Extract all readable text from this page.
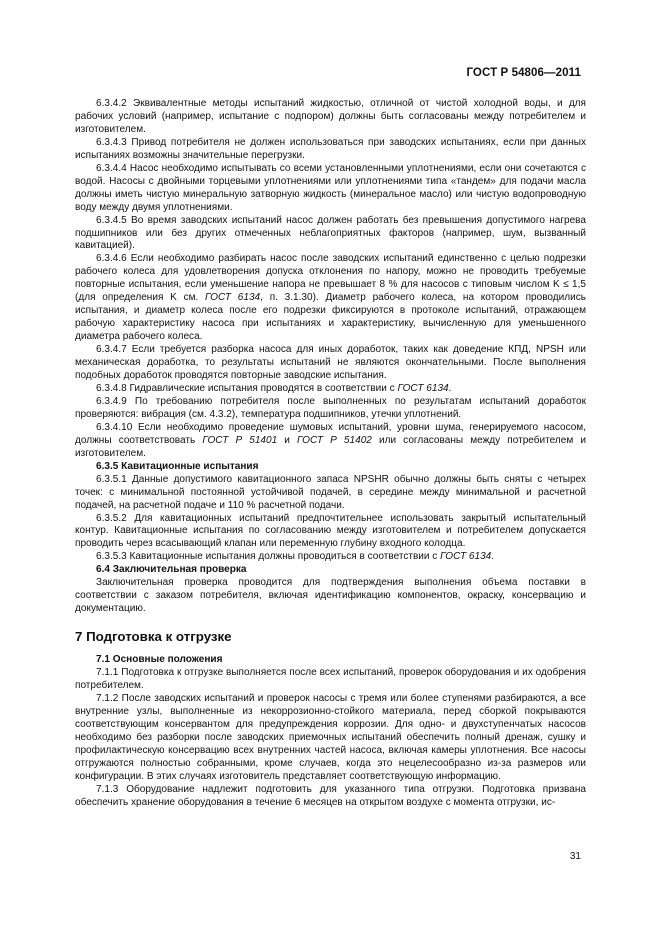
ГОСТ Р 54806—2011

6.3.4.2 Эквивалентные методы испытаний жидкостью, отличной от чистой холодной воды, и для рабочих условий (например, испытание с подпором) должны быть согласованы между потребителем и изготовителем.

6.3.4.3 Привод потребителя не должен использоваться при заводских испытаниях, если при данных испытаниях возможны значительные перегрузки.

6.3.4.4 Насос необходимо испытывать со всеми установленными уплотнениями, если они сочетаются с водой. Насосы с двойными торцевыми уплотнениями или уплотнениями типа «тандем» для подачи масла должны иметь чистую минеральную затворную жидкость (минеральное масло) или чистую водопроводную воду между двумя уплотнениями.

6.3.4.5 Во время заводских испытаний насос должен работать без превышения допустимого нагрева подшипников или без других отмеченных неблагоприятных факторов (например, шум, вызванный кавитацией).

6.3.4.6 Если необходимо разбирать насос после заводских испытаний единственно с целью подрезки рабочего колеса для удовлетворения допуска отклонения по напору, можно не проводить требуемые повторные испытания, если уменьшение напора не превышает 8 % для насосов с типовым числом K ≤ 1,5 (для определения K см. ГОСТ 6134, п. 3.1.30). Диаметр рабочего колеса, на котором проводились испытания, и диаметр колеса после его подрезки фиксируются в протоколе испытаний, отражающем рабочую характеристику насоса при испытаниях и характеристику, вычисленную для уменьшенного диаметра рабочего колеса.

6.3.4.7 Если требуется разборка насоса для иных доработок, таких как доведение КПД, NPSH или механическая доработка, то результаты испытаний не являются окончательными. После выполнения подобных доработок проводятся повторные заводские испытания.

6.3.4.8 Гидравлические испытания проводятся в соответствии с ГОСТ 6134.

6.3.4.9 По требованию потребителя после выполненных по результатам испытаний доработок проверяются: вибрация (см. 4.3.2), температура подшипников, утечки уплотнений.

6.3.4.10 Если необходимо проведение шумовых испытаний, уровни шума, генерируемого насосом, должны соответствовать ГОСТ Р 51401 и ГОСТ Р 51402 или согласованы между потребителем и изготовителем.

6.3.5 Кавитационные испытания

6.3.5.1 Данные допустимого кавитационного запаса NPSHR обычно должны быть сняты с четырех точек: с минимальной постоянной устойчивой подачей, в середине между минимальной и расчетной подачей, на расчетной подаче и 110 % расчетной подачи.

6.3.5.2 Для кавитационных испытаний предпочтительнее использовать закрытый испытательный контур. Кавитационные испытания по согласованию между изготовителем и потребителем допускается проводить через всасывающий клапан или переменную глубину входного колодца.

6.3.5.3 Кавитационные испытания должны проводиться в соответствии с ГОСТ 6134.

6.4 Заключительная проверка

Заключительная проверка проводится для подтверждения выполнения объема поставки в соответствии с заказом потребителя, включая идентификацию компонентов, окраску, консервацию и документацию.

7 Подготовка к отгрузке

7.1 Основные положения

7.1.1 Подготовка к отгрузке выполняется после всех испытаний, проверок оборудования и их одобрения потребителем.

7.1.2 После заводских испытаний и проверок насосы с тремя или более ступенями разбираются, а все внутренние узлы, выполненные из некоррозионно-стойкого материала, перед сборкой покрываются соответствующим консервантом для предупреждения коррозии. Для одно- и двухступенчатых насосов необходимо без разборки после заводских приемочных испытаний обеспечить полный дренаж, сушку и профилактическую консервацию всех внутренних частей насоса, включая камеры уплотнения. Все насосы отгружаются полностью собранными, кроме случаев, когда это нецелесообразно из-за размеров или конфигурации. В этих случаях изготовитель представляет соответствующую информацию.

7.1.3 Оборудование надлежит подготовить для указанного типа отгрузки. Подготовка призвана обеспечить хранение оборудования в течение 6 месяцев на открытом воздухе с момента отгрузки, ис-

31
